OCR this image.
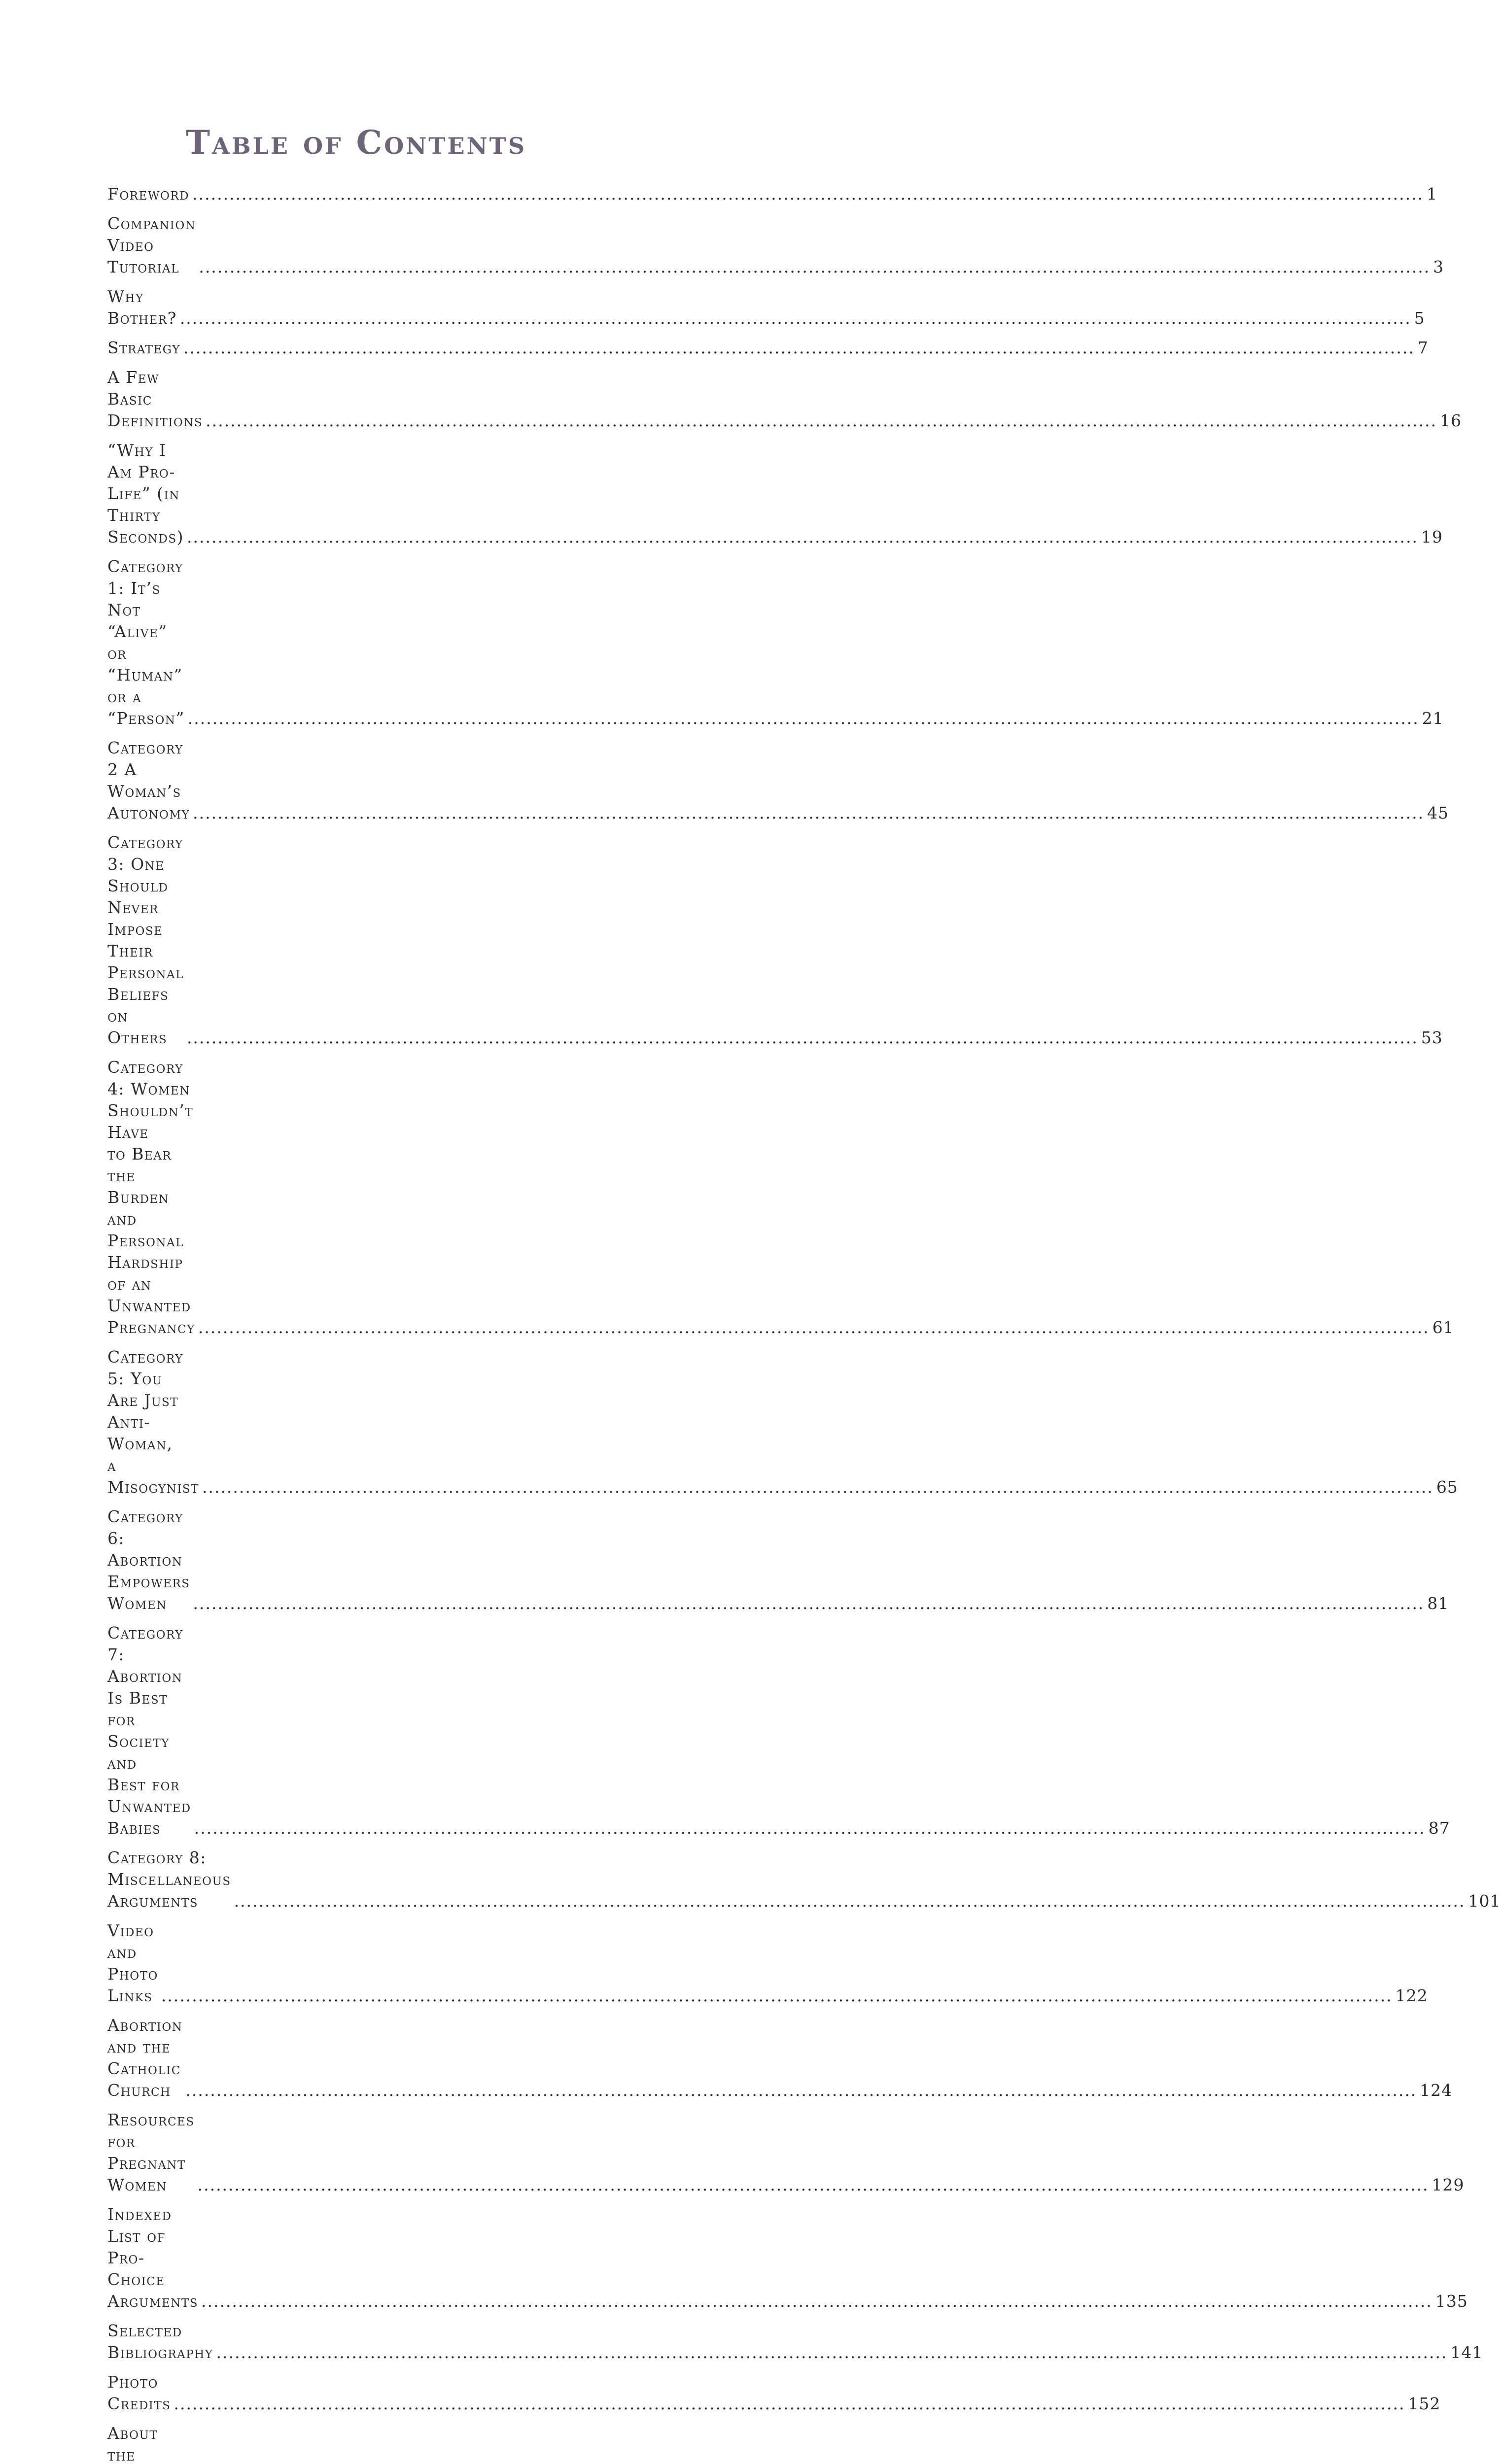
Table of Contents
Foreword .....	1
Companion Video Tutorial .....	3
Why Bother? .....	5
Strategy .....	7
A Few Basic Definitions .....	16
“Why I Am Pro-Life” (in Thirty Seconds) .....	19
Category 1: It’s Not “Alive” or “Human”
or a “Person” .....	21
Category 2 A Woman’s Autonomy .....	45
Category 3: One Should Never Impose Their
Personal Beliefs on Others .....	53
Category 4: Women Shouldn’t Have
to Bear the Burden and Personal Hardship
of an Unwanted Pregnancy .....	61
Category 5: You Are Just Anti-Woman,
a Misogynist .....	65
Category 6: Abortion Empowers Women .....	81
Category 7: Abortion Is Best for Society and
Best for Unwanted Babies .....	87
Category 8: Miscellaneous Arguments .....	101
Video and Photo Links .....	122
Abortion and the Catholic Church .....	124
Resources for Pregnant Women .....	129
Indexed List of Pro-Choice Arguments .....	135
Selected Bibliography .....	141
Photo Credits .....	152
About the
